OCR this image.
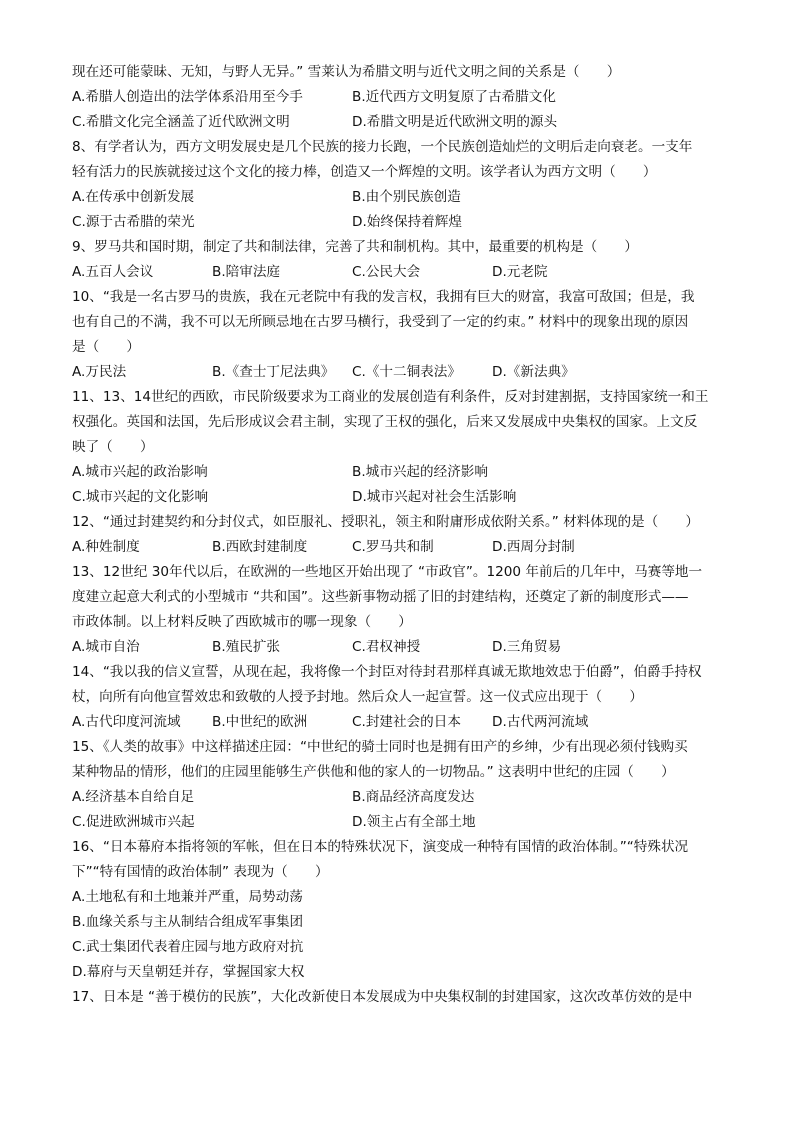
现在还可能蒙昧、无知，与野人无异。” 雪莱认为希腊文明与近代文明之间的关系是（　　）
A.希腊人创造出的法学体系沿用至今手	B.近代西方文明复原了古希腊文化
C.希腊文化完全涵盖了近代欧洲文明	D.希腊文明是近代欧洲文明的源头
8、有学者认为，西方文明发展史是几个民族的接力长跑，一个民族创造灿烂的文明后走向衰老。一支年
轻有活力的民族就接过这个文化的接力棒，创造又一个辉煌的文明。该学者认为西方文明（　　）
A.在传承中创新发展	B.由个别民族创造
C.源于古希腊的荣光	D.始终保持着辉煌
9、罗马共和国时期，制定了共和制法律，完善了共和制机构。其中，最重要的机构是（　　）
A.五百人会议	B.陪审法庭	C.公民大会	D.元老院
10、“我是一名古罗马的贵族，我在元老院中有我的发言权，我拥有巨大的财富，我富可敌国；但是，我
也有自己的不满，我不可以无所顾忌地在古罗马横行，我受到了一定的约束。” 材料中的现象出现的原因
是（　　）
A.万民法	B.《查士丁尼法典》	C.《十二铜表法》	D.《新法典》
11、13、14世纪的西欧，市民阶级要求为工商业的发展创造有利条件，反对封建割据，支持国家统一和王
权强化。英国和法国，先后形成议会君主制，实现了王权的强化，后来又发展成中央集权的国家。上文反
映了（　　）
A.城市兴起的政治影响	B.城市兴起的经济影响
C.城市兴起的文化影响	D.城市兴起对社会生活影响
12、“通过封建契约和分封仪式，如臣服礼、授职礼，领主和附庸形成依附关系。” 材料体现的是（　　）
A.种姓制度	B.西欧封建制度	C.罗马共和制	D.西周分封制
13、12世纪 30年代以后，在欧洲的一些地区开始出现了 “市政官”。1200 年前后的几年中，马赛等地一
度建立起意大利式的小型城市 “共和国”。这些新事物动摇了旧的封建结构，还奠定了新的制度形式——
市政体制。以上材料反映了西欧城市的哪一现象（　　）
A.城市自治	B.殖民扩张	C.君权神授	D.三角贸易
14、“我以我的信义宣誓，从现在起，我将像一个封臣对待封君那样真诚无欺地效忠于伯爵”，伯爵手持权
杖，向所有向他宣誓效忠和致敬的人授予封地。然后众人一起宣誓。这一仪式应出现于（　　）
A.古代印度河流域	B.中世纪的欧洲	C.封建社会的日本	D.古代两河流域
15、《人类的故事》中这样描述庄园：“中世纪的骑士同时也是拥有田产的乡绅，少有出现必须付钱购买
某种物品的情形，他们的庄园里能够生产供他和他的家人的一切物品。” 这表明中世纪的庄园（　　）
A.经济基本自给自足	B.商品经济高度发达
C.促进欧洲城市兴起	D.领主占有全部土地
16、“日本幕府本指将领的军帐，但在日本的特殊状况下，演变成一种特有国情的政治体制。”“特殊状况
下”“特有国情的政治体制” 表现为（　　）
A.土地私有和土地兼并严重，局势动荡
B.血缘关系与主从制结合组成军事集团
C.武士集团代表着庄园与地方政府对抗
D.幕府与天皇朝廷并存，掌握国家大权
17、日本是 “善于模仿的民族”，大化改新使日本发展成为中央集权制的封建国家，这次改革仿效的是中
